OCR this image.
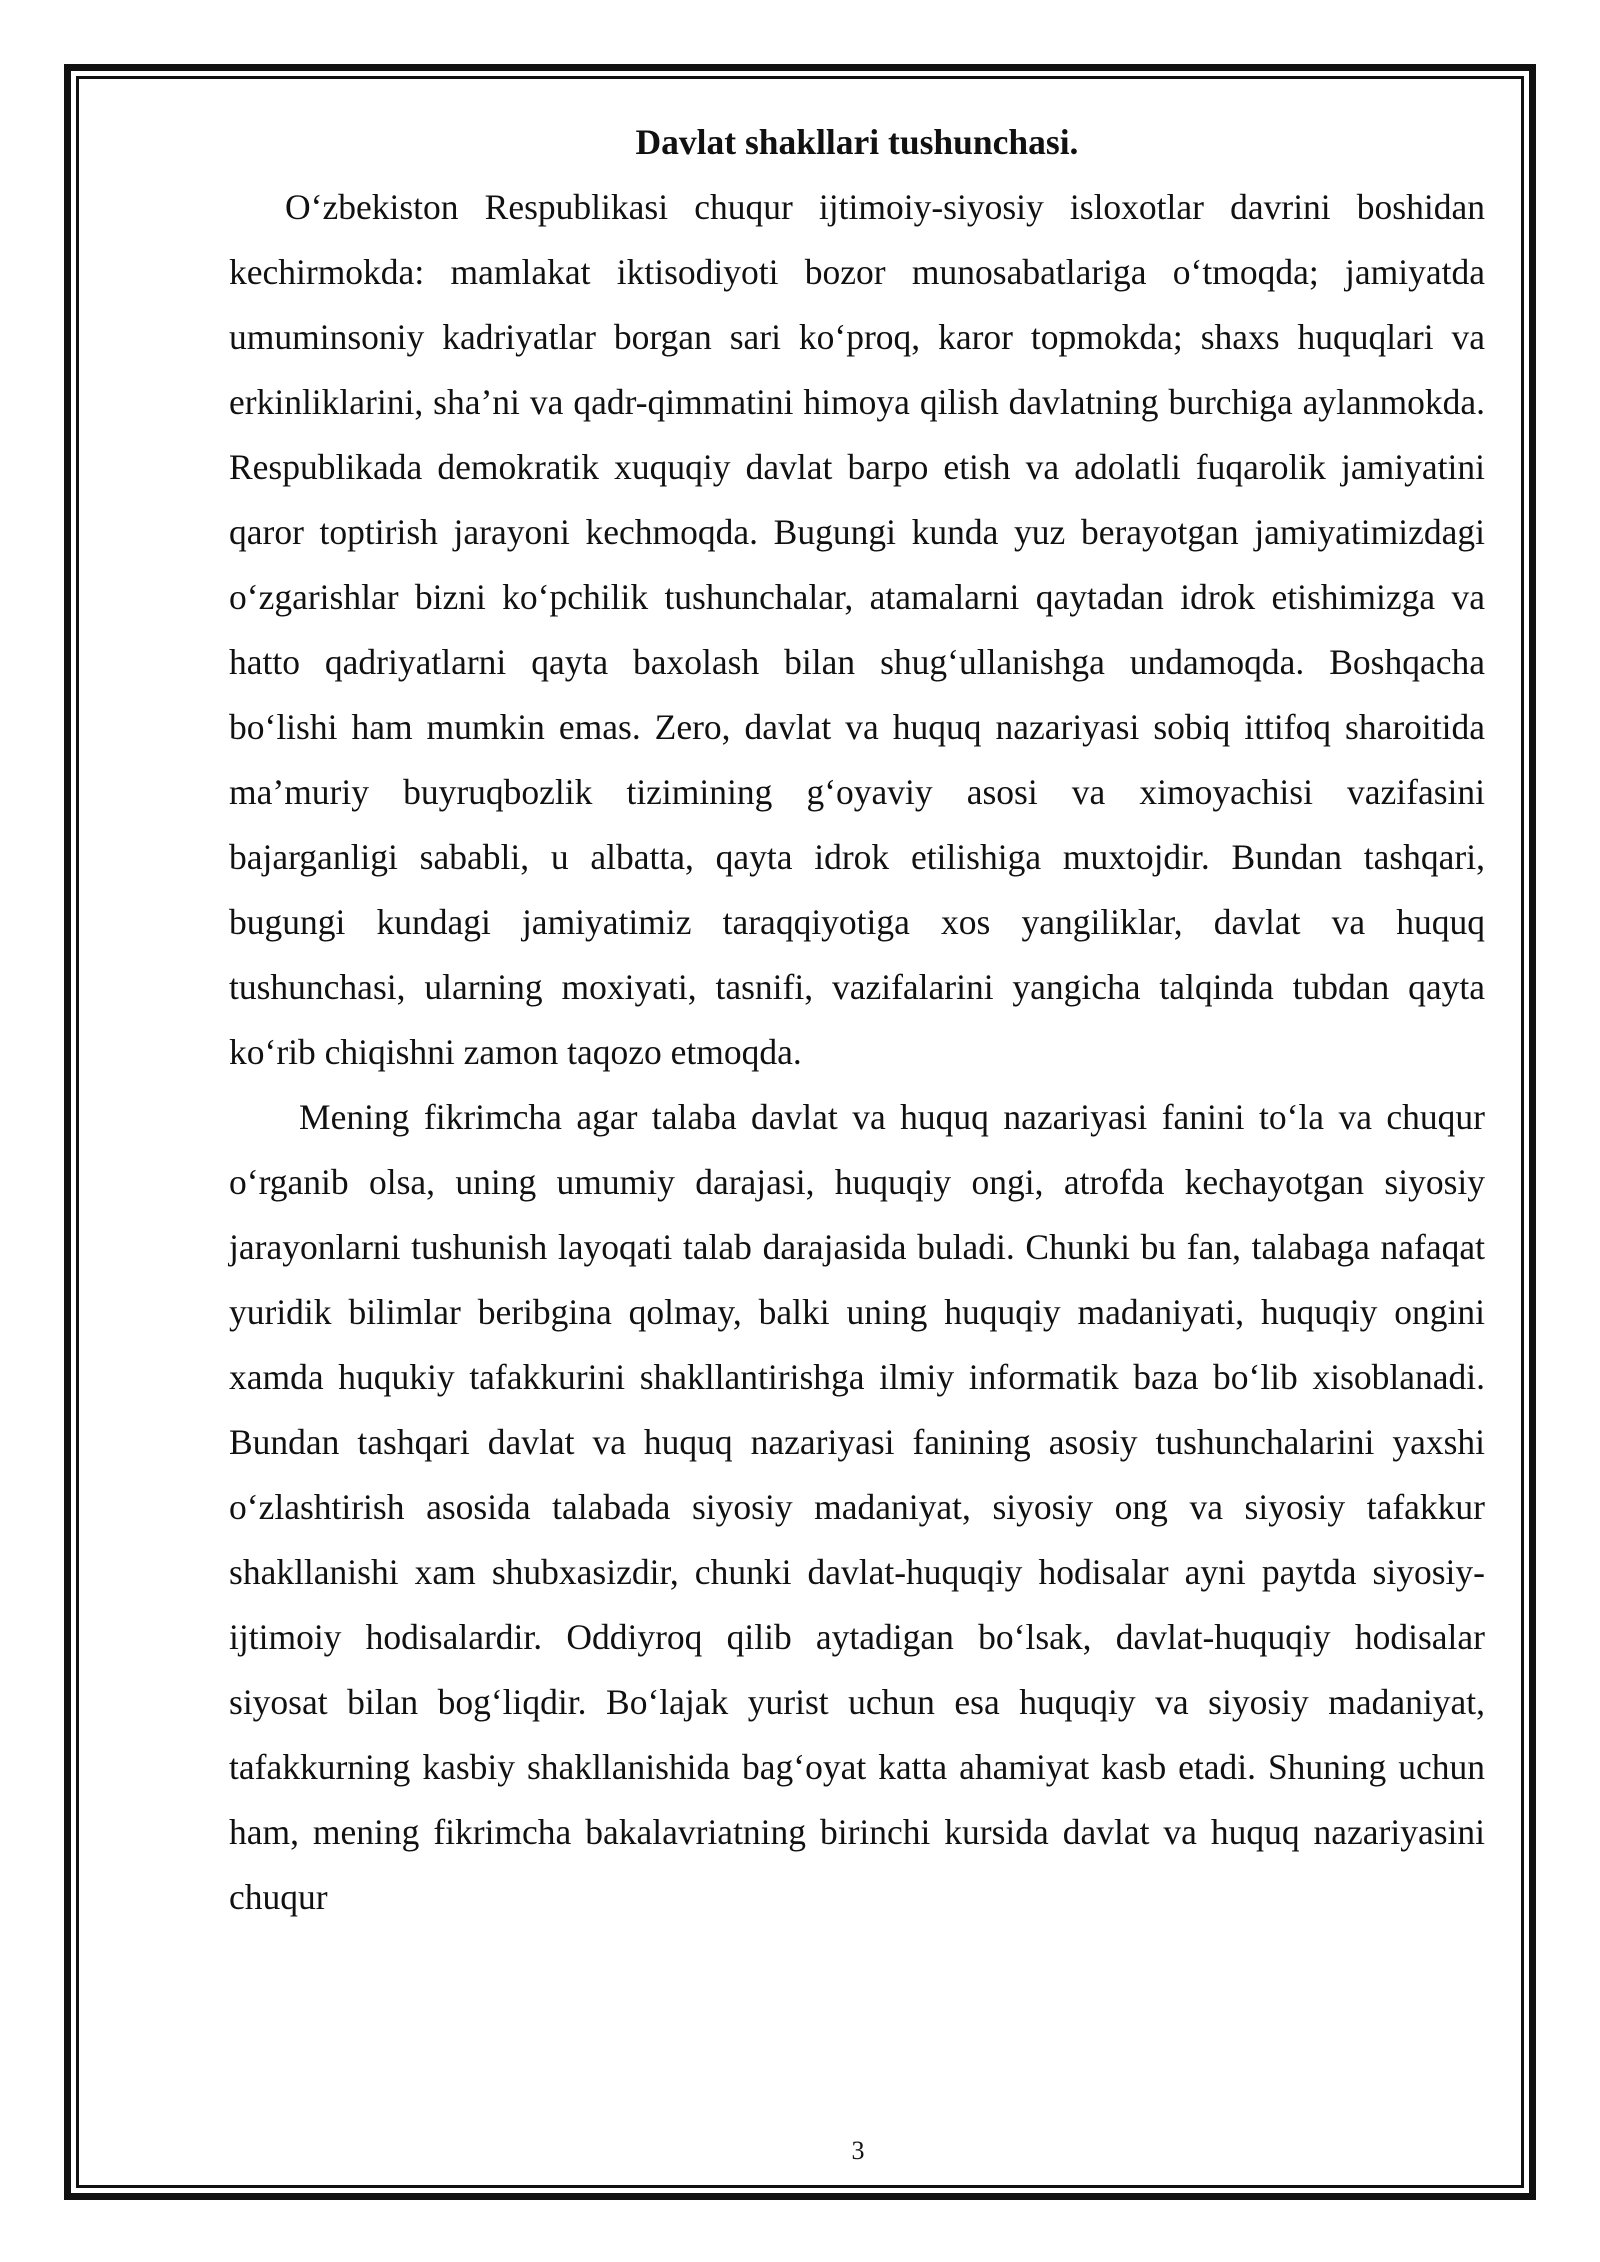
Davlat shakllari tushunchasi.

O‘zbekiston Respublikasi chuqur ijtimoiy-siyosiy isloxotlar davrini boshidan kechirmokda: mamlakat iktisodiyoti bozor munosabatlariga o‘tmoqda; jamiyatda umuminsoniy kadriyatlar borgan sari ko‘proq, karor topmokda; shaxs huquqlari va erkinliklarini, sha’ni va qadr-qimmatini himoya qilish davlatning burchiga aylanmokda. Respublikada demokratik xuquqiy davlat barpo etish va adolatli fuqarolik jamiyatini qaror toptirish jarayoni kechmoqda. Bugungi kunda yuz berayotgan jamiyatimizdagi o‘zgarishlar bizni ko‘pchilik tushunchalar, atamalarni qaytadan idrok etishimizga va hatto qadriyatlarni qayta baxolash bilan shug‘ullanishga undamoqda. Boshqacha bo‘lishi ham mumkin emas. Zero, davlat va huquq nazariyasi sobiq ittifoq sharoitida ma’muriy buyruqbozlik tizimining g‘oyaviy asosi va ximoyachisi vazifasini bajarganligi sababli, u albatta, qayta idrok etilishiga muxtojdir. Bundan tashqari, bugungi kundagi jamiyatimiz taraqqiyotiga xos yangiliklar, davlat va huquq tushunchasi, ularning moxiyati, tasnifi, vazifalarini yangicha talqinda tubdan qayta ko‘rib chiqishni zamon taqozo etmoqda.

Mening fikrimcha agar talaba davlat va huquq nazariyasi fanini to‘la va chuqur o‘rganib olsa, uning umumiy darajasi, huquqiy ongi, atrofda kechayotgan siyosiy jarayonlarni tushunish layoqati talab darajasida buladi. Chunki bu fan, talabaga nafaqat yuridik bilimlar beribgina qolmay, balki uning huquqiy madaniyati, huquqiy ongini xamda huqukiy tafakkurini shakllantirishga ilmiy informatik baza bo‘lib xisoblanadi. Bundan tashqari davlat va huquq nazariyasi fanining asosiy tushunchalarini yaxshi o‘zlashtirish asosida talabada siyosiy madaniyat, siyosiy ong va siyosiy tafakkur shakllanishi xam shubxasizdir, chunki davlat-huquqiy hodisalar ayni paytda siyosiy-ijtimoiy hodisalardir. Oddiyroq qilib aytadigan bo‘lsak, davlat-huquqiy hodisalar siyosat bilan bog‘liqdir. Bo‘lajak yurist uchun esa huquqiy va siyosiy madaniyat, tafakkurning kasbiy shakllanishida bag‘oyat katta ahamiyat kasb etadi. Shuning uchun ham, mening fikrimcha bakalavriatning birinchi kursida davlat va huquq nazariyasini chuqur

3
